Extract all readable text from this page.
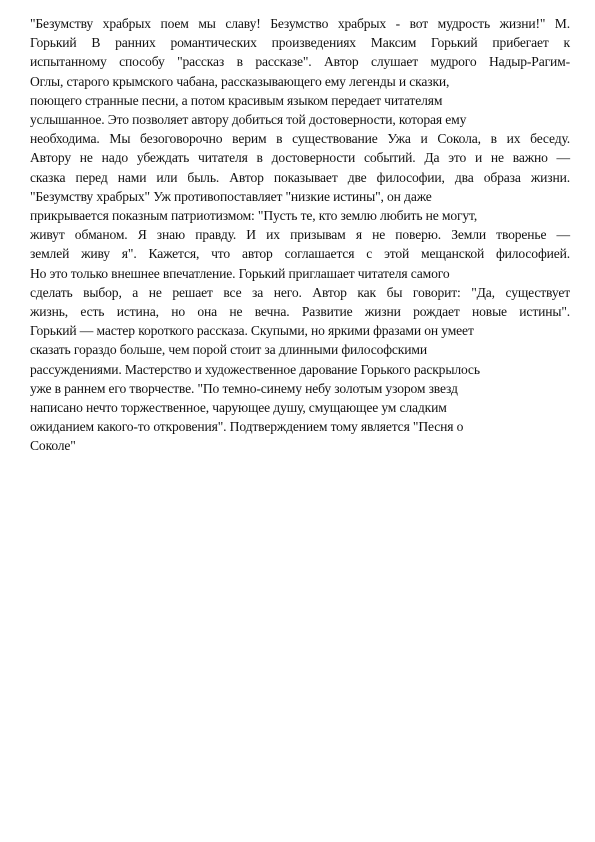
"Безумству храбрых поем мы славу! Безумство храбрых - вот мудрость жизни!" М.
Горький В ранних романтических произведениях Максим Горький прибегает к
испытанному способу "рассказ в рассказе". Автор слушает мудрого Надыр-Рагим-
Оглы, старого крымского чабана, рассказывающего ему легенды и сказки,
поющего странные песни, а потом красивым языком передает читателям
услышанное. Это позволяет автору добиться той достоверности, которая ему
необходима. Мы безоговорочно верим в существование Ужа и Сокола, в их беседу.
Автору не надо убеждать читателя в достоверности событий. Да это и не важно —
сказка перед нами или быль. Автор показывает две философии, два образа жизни.
"Безумству храбрых" Уж противопоставляет "низкие истины", он даже
прикрывается показным патриотизмом: "Пусть те, кто землю любить не могут,
живут обманом. Я знаю правду. И их призывам я не поверю. Земли творенье —
землей живу я". Кажется, что автор соглашается с этой мещанской философией.
Но это только внешнее впечатление. Горький приглашает читателя самого
сделать выбор, а не решает все за него. Автор как бы говорит: "Да, существует
жизнь, есть истина, но она не вечна. Развитие жизни рождает новые истины".
Горький — мастер короткого рассказа. Скупыми, но яркими фразами он умеет
сказать гораздо больше, чем порой стоит за длинными философскими
рассуждениями. Мастерство и художественное дарование Горького раскрылось
уже в раннем его творчестве. "По темно-синему небу золотым узором звезд
написано нечто торжественное, чарующее душу, смущающее ум сладким
ожиданием какого-то откровения". Подтверждением тому является "Песня о
Соколе"
